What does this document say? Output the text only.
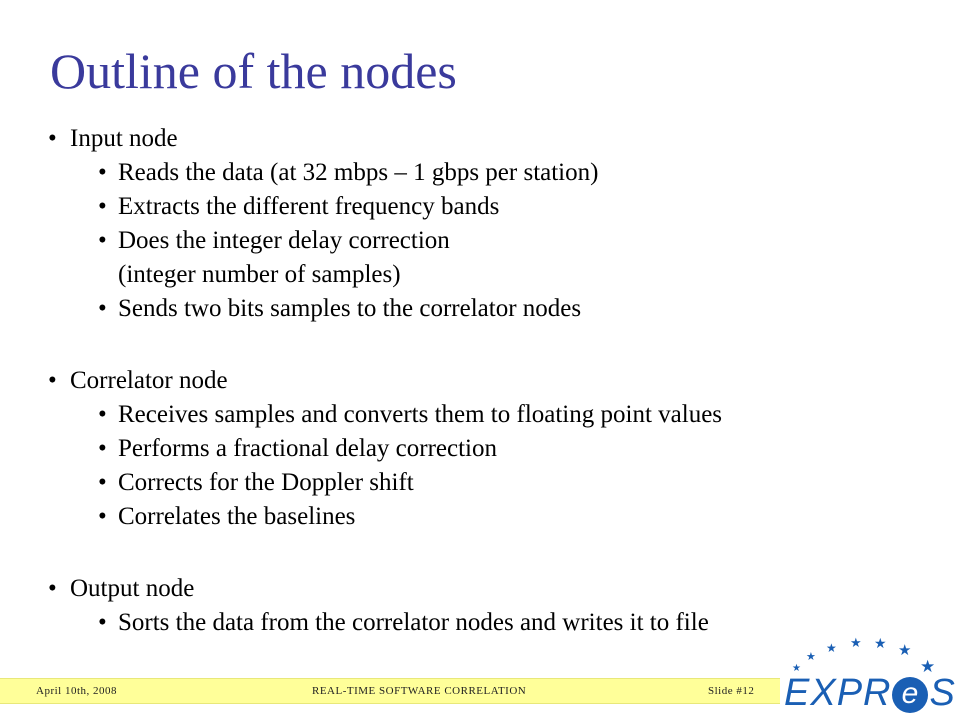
Outline of the nodes
• Input node
• Reads the data (at 32 mbps – 1 gbps per station)
• Extracts the different frequency bands
• Does the integer delay correction
(integer number of samples)
• Sends two bits samples to the correlator nodes
• Correlator node
• Receives samples and converts them to floating point values
• Performs a fractional delay correction
• Corrects for the Doppler shift
• Correlates the baselines
• Output node
• Sorts the data from the correlator nodes and writes it to file
April 10th, 2008	REAL-TIME SOFTWARE CORRELATION	Slide #12
★
★
★ ★ ★ ★
★
EXPR e S
